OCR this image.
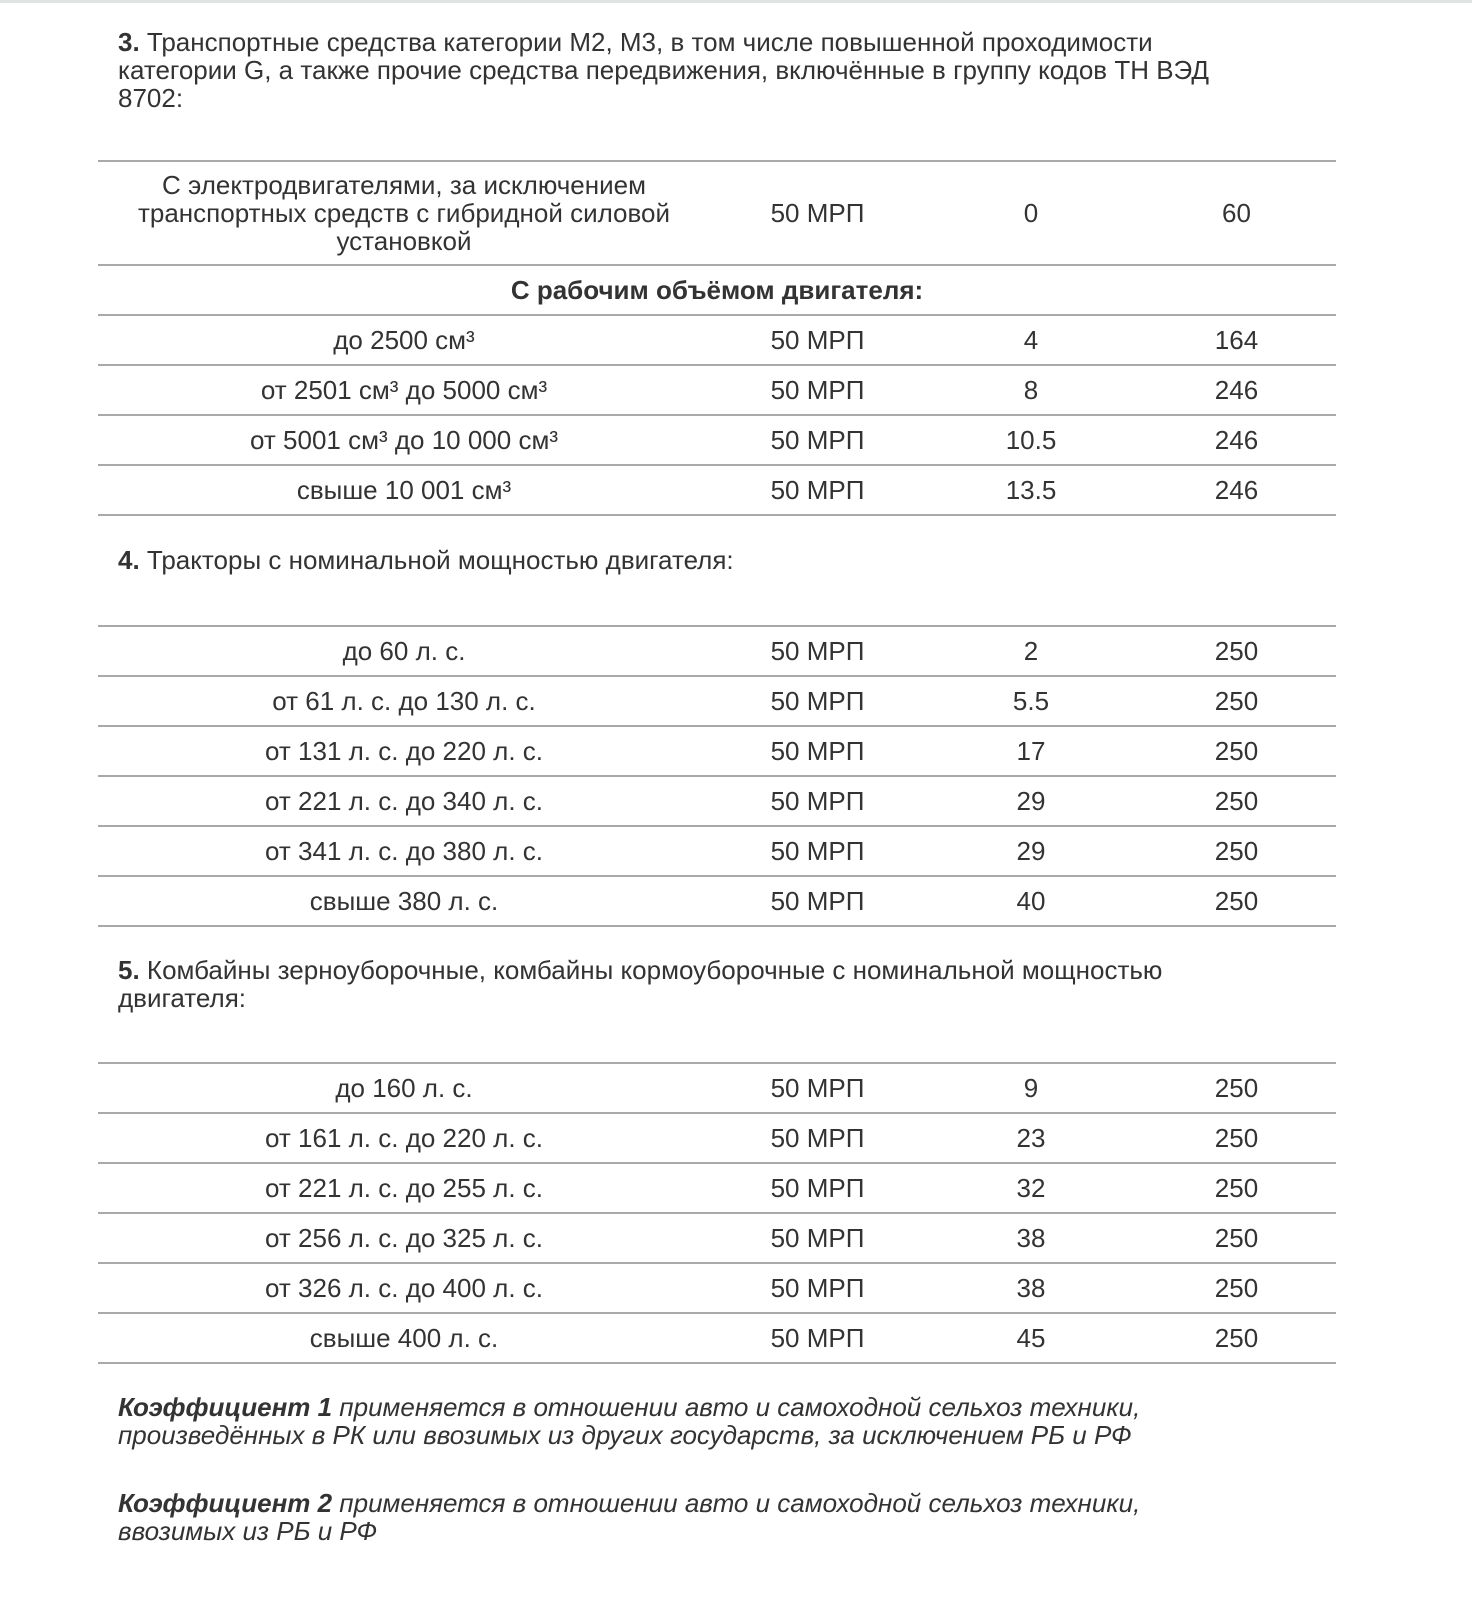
3. Транспортные средства категории М2, М3, в том числе повышенной проходимости категории G, а также прочие средства передвижения, включённые в группу кодов ТН ВЭД 8702:
С электродвигателями, за исключением транспортных средств с гибридной силовой установкой	50 МРП	0	60
С рабочим объёмом двигателя:			
до 2500 см³	50 МРП	4	164
от 2501 см³ до 5000 см³	50 МРП	8	246
от 5001 см³ до 10 000 см³	50 МРП	10.5	246
свыше 10 001 см³	50 МРП	13.5	246
4. Тракторы с номинальной мощностью двигателя:
до 60 л. с.	50 МРП	2	250
от 61 л. с. до 130 л. с.	50 МРП	5.5	250
от 131 л. с. до 220 л. с.	50 МРП	17	250
от 221 л. с. до 340 л. с.	50 МРП	29	250
от 341 л. с. до 380 л. с.	50 МРП	29	250
свыше 380 л. с.	50 МРП	40	250
5. Комбайны зерноуборочные, комбайны кормоуборочные с номинальной мощностью двигателя:
до 160 л. с.	50 МРП	9	250
от 161 л. с. до 220 л. с.	50 МРП	23	250
от 221 л. с. до 255 л. с.	50 МРП	32	250
от 256 л. с. до 325 л. с.	50 МРП	38	250
от 326 л. с. до 400 л. с.	50 МРП	38	250
свыше 400 л. с.	50 МРП	45	250
Коэффициент 1 применяется в отношении авто и самоходной сельхоз техники, произведённых в РК или ввозимых из других государств, за исключением РБ и РФ
Коэффициент 2 применяется в отношении авто и самоходной сельхоз техники, ввозимых из РБ и РФ
